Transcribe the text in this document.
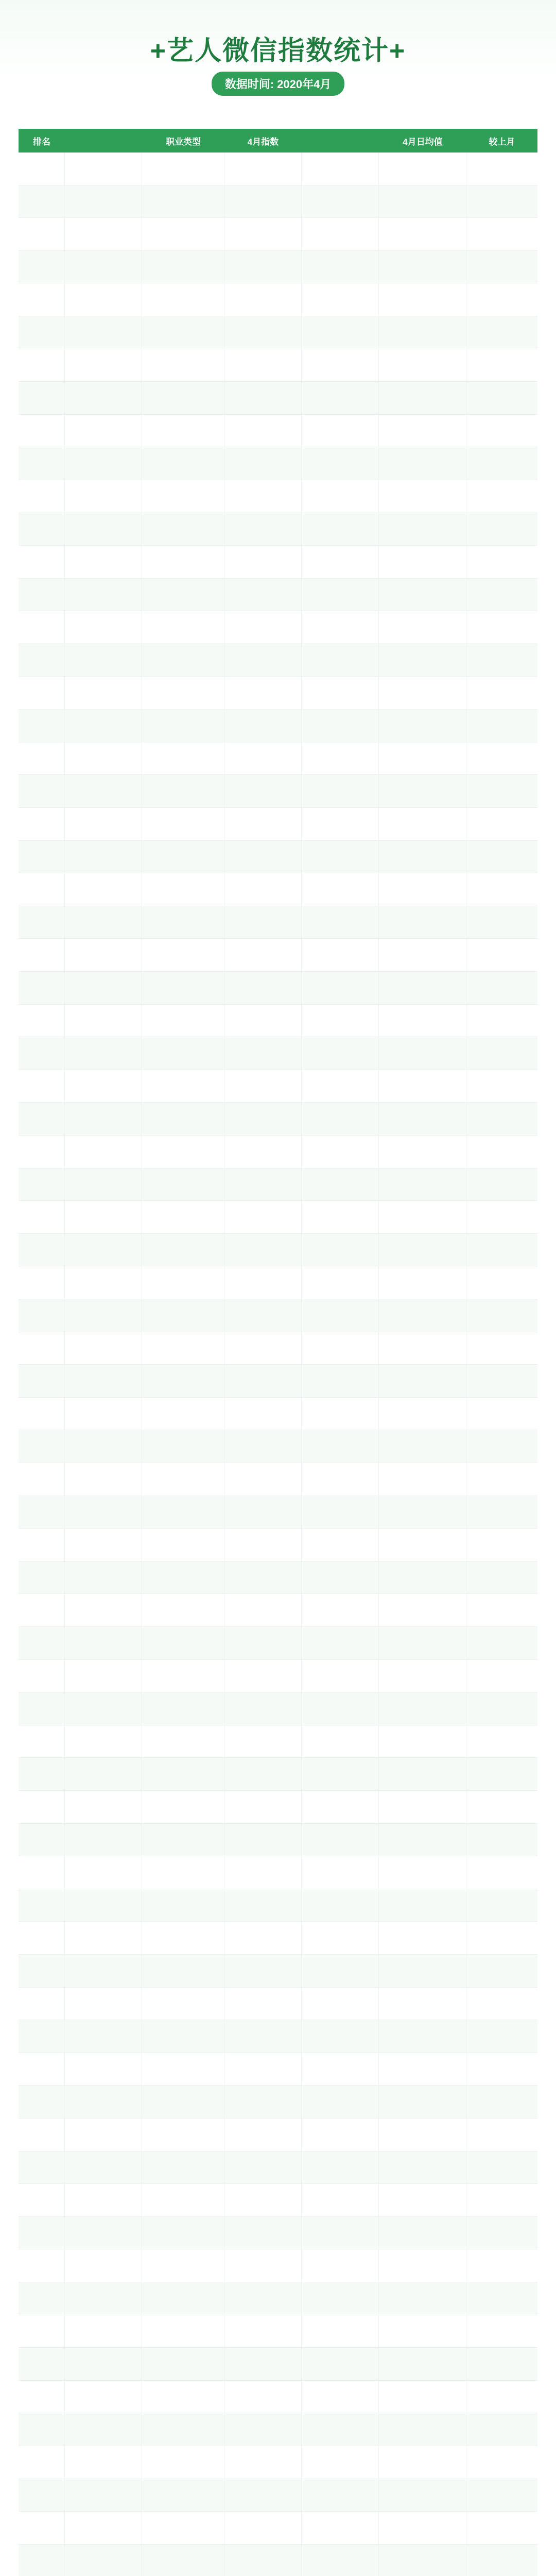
+艺人微信指数统计+
数据时间: 2020年4月
排名	职业类型	4月指数	4月日均值	较上月
